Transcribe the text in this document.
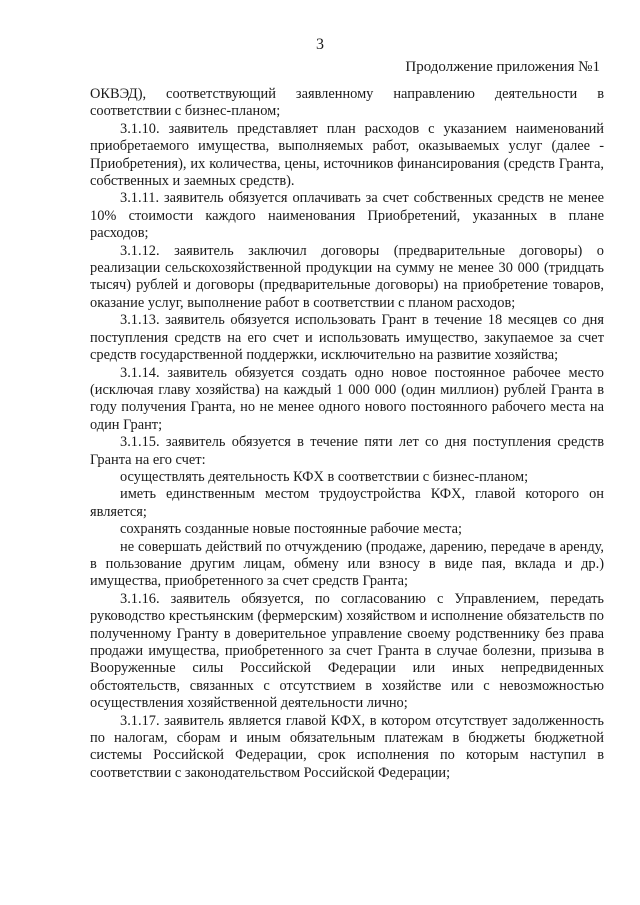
3
Продолжение приложения №1

ОКВЭД), соответствующий заявленному направлению деятельности в соответствии с бизнес-планом;

3.1.10. заявитель представляет план расходов с указанием наименований приобретаемого имущества, выполняемых работ, оказываемых услуг (далее - Приобретения), их количества, цены, источников финансирования (средств Гранта, собственных и заемных средств).

3.1.11. заявитель обязуется оплачивать за счет собственных средств не менее 10% стоимости каждого наименования Приобретений, указанных в плане расходов;

3.1.12. заявитель заключил договоры (предварительные договоры) о реализации сельскохозяйственной продукции на сумму не менее 30 000 (тридцать тысяч) рублей и договоры (предварительные договоры) на приобретение товаров, оказание услуг, выполнение работ в соответствии с планом расходов;

3.1.13. заявитель обязуется использовать Грант в течение 18 месяцев со дня поступления средств на его счет и использовать имущество, закупаемое за счет средств государственной поддержки, исключительно на развитие хозяйства;

3.1.14. заявитель обязуется создать одно новое постоянное рабочее место (исключая главу хозяйства) на каждый 1 000 000 (один миллион) рублей Гранта в году получения Гранта, но не менее одного нового постоянного рабочего места на один Грант;

3.1.15. заявитель обязуется в течение пяти лет со дня поступления средств Гранта на его счет:

осуществлять деятельность КФХ в соответствии с бизнес-планом;

иметь единственным местом трудоустройства КФХ, главой которого он является;

сохранять созданные новые постоянные рабочие места;

не совершать действий по отчуждению (продаже, дарению, передаче в аренду, в пользование другим лицам, обмену или взносу в виде пая, вклада и др.) имущества, приобретенного за счет средств Гранта;

3.1.16. заявитель обязуется, по согласованию с Управлением, передать руководство крестьянским (фермерским) хозяйством и исполнение обязательств по полученному Гранту в доверительное управление своему родственнику без права продажи имущества, приобретенного за счет Гранта в случае болезни, призыва в Вооруженные силы Российской Федерации или иных непредвиденных обстоятельств, связанных с отсутствием в хозяйстве или с невозможностью осуществления хозяйственной деятельности лично;

3.1.17. заявитель является главой КФХ, в котором отсутствует задолженность по налогам, сборам и иным обязательным платежам в бюджеты бюджетной системы Российской Федерации, срок исполнения по которым наступил в соответствии с законодательством Российской Федерации;
